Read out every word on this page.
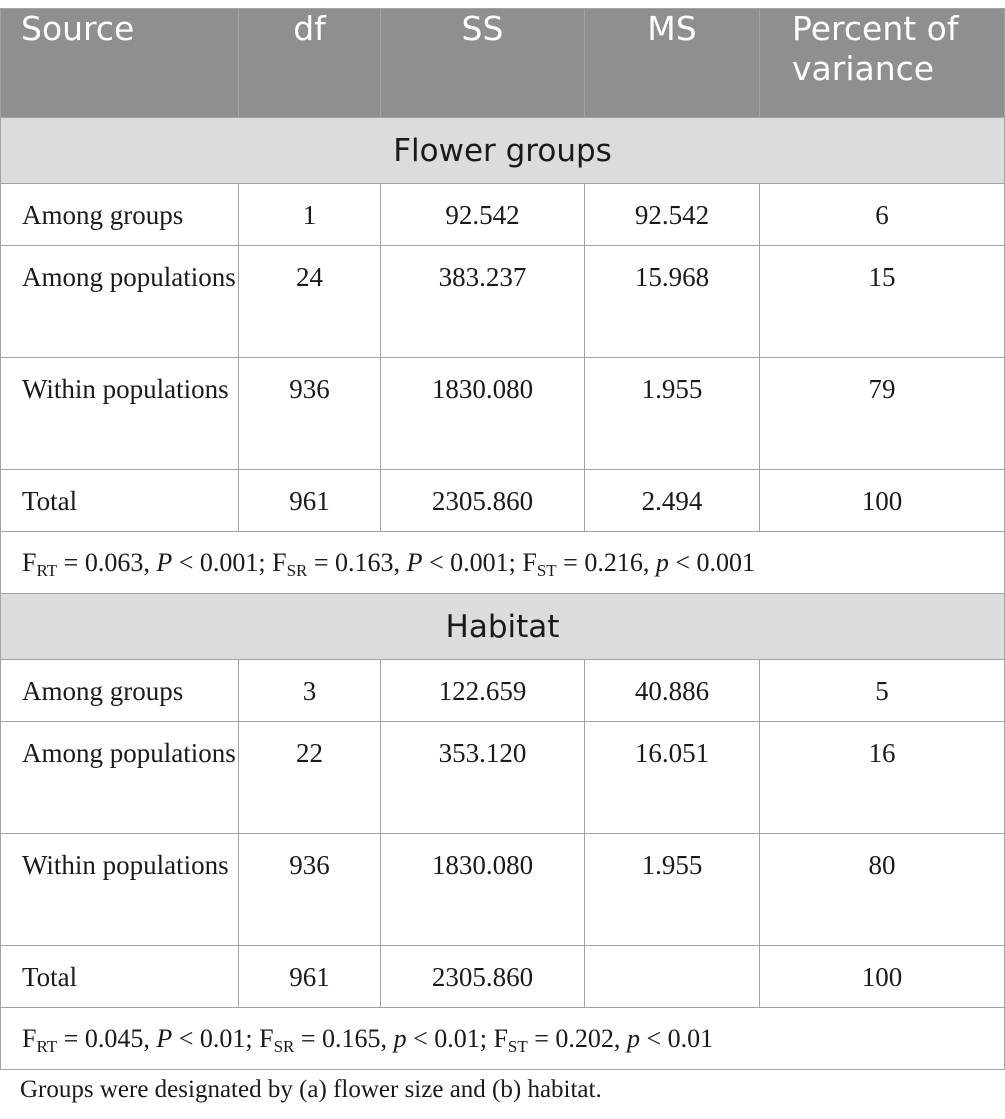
Source	df	SS	MS	Percent of variance
Flower groups				
Among groups	1	92.542	92.542	6
Among populations	24	383.237	15.968	15
Within populations	936	1830.080	1.955	79
Total	961	2305.860	2.494	100
FRT = 0.063, P < 0.001; FSR = 0.163, P < 0.001; FST = 0.216, p < 0.001				
Habitat				
Among groups	3	122.659	40.886	5
Among populations	22	353.120	16.051	16
Within populations	936	1830.080	1.955	80
Total	961	2305.860		100
FRT = 0.045, P < 0.01; FSR = 0.165, p < 0.01; FST = 0.202, p < 0.01				
Groups were designated by (a) flower size and (b) habitat.
